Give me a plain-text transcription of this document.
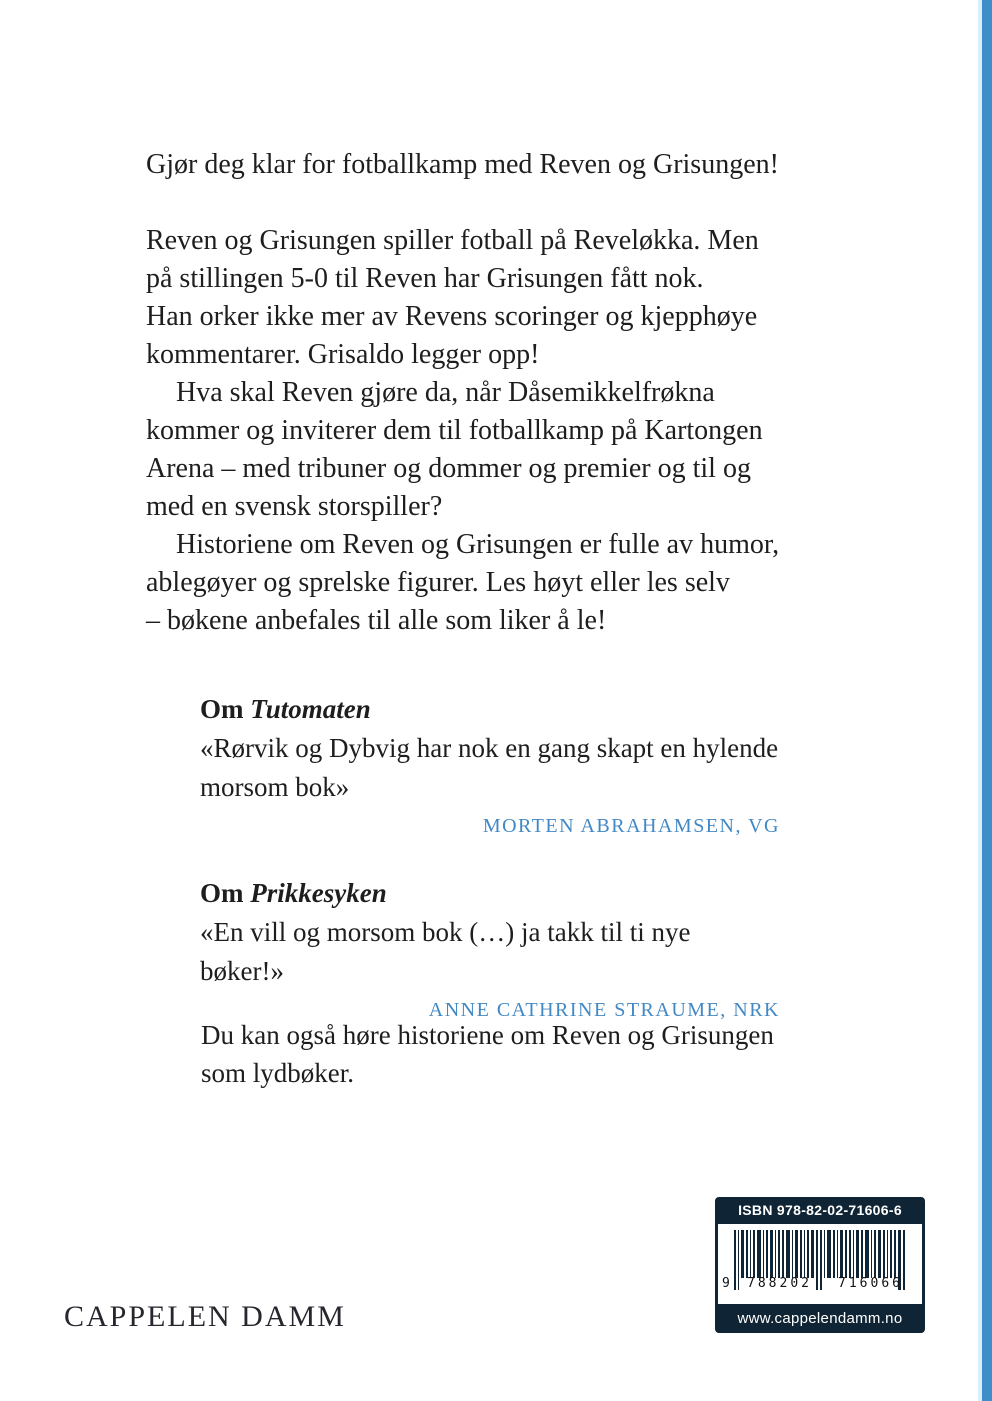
Gjør deg klar for fotballkamp med Reven og Grisungen!
Reven og Grisungen spiller fotball på Reveløkka. Men
på stillingen 5-0 til Reven har Grisungen fått nok.
Han orker ikke mer av Revens scoringer og kjepphøye
kommentarer. Grisaldo legger opp!
Hva skal Reven gjøre da, når Dåsemikkelfrøkna
kommer og inviterer dem til fotballkamp på Kartongen
Arena – med tribuner og dommer og premier og til og
med en svensk storspiller?
Historiene om Reven og Grisungen er fulle av humor,
ablegøyer og sprelske figurer. Les høyt eller les selv
– bøkene anbefales til alle som liker å le!
Om Tutomaten
«Rørvik og Dybvig har nok en gang skapt en hylende
morsom bok»
MORTEN ABRAHAMSEN, VG
Om Prikkesyken
«En vill og morsom bok (…) ja takk til ti nye bøker!»
ANNE CATHRINE STRAUME, NRK
Du kan også høre historiene om Reven og Grisungen
som lydbøker.
CAPPELEN DAMM
ISBN 978-82-02-71606-6
9	788202	716066
www.cappelendamm.no
